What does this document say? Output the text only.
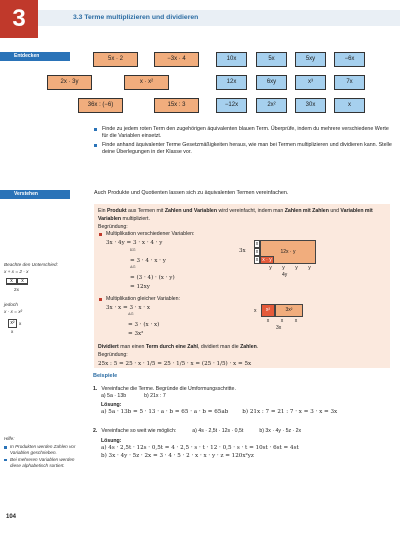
3	3.3 Terme multiplizieren und dividieren
Entdecken
5x · 2	−3x · 4
2x · 3y	x · x²
36x : (−6)	15x : 3
10x	5x	5xy	−6x
12x	6xy	x³	7x
−12x	2x²	30x	x
Finde zu jedem roten Term den zugehörigen äquivalenten blauen Term. Überprüfe, indem du mehrere verschiedene Werte für die Variablen einsetzt.
Finde anhand äquivalenter Terme Gesetzmäßigkeiten heraus, wie man bei Termen multiplizieren und dividieren kann. Stelle deine Überlegungen in der Klasse vor.
Verstehen	Auch Produkte und Quotienten lassen sich zu äquivalenten Termen vereinfachen.
Ein Produkt aus Termen mit Zahlen und Variablen wird vereinfacht, indem man Zahlen mit Zahlen und Variablen mit Variablen multipliziert.
Begründung:
Multiplikation verschiedener Variablen:
3x · 4y = 3 · x · 4 · y
$^{KG}$
= 3 · 4 · x · y
$^{AG}$
= (3 · 4) · (x · y)
= 12xy
3x
x
x
x
12x · y
x · y
y y y y
4y
Multiplikation gleicher Variablen:
3x · x = 3 · x · x
$^{AG}$
= 3 · (x · x)
= 3x²
x	x²	3x²
x x x
3x
Dividiert man einen Term durch eine Zahl, dividiert man die Zahlen.
Begründung:
25x : 5 = 25 · x · 1/5 = 25 · 1/5 · x = (25 · 1/5) · x = 5x
Beachte den Unterschied:
x + x = 2 · x
x	x
2x
jedoch
x · x = x²
x² x
x
Beispiele
1. Vereinfache die Terme. Begründe die Umformungsschritte.
a) 5a · 13b	b) 21x : 7
Lösung:
a) 5a · 13b = 5 · 13 · a · b = 65 · a · b = 65ab	b) 21x : 7 = 21 : 7 · x = 3 · x = 3x
2. Vereinfache so weit wie möglich:	a) 4s · 2,5t · 12s · 0,5t	b) 3x · 4y · 5z · 2x
Lösung:
a) 4s · 2,5t · 12s · 0,5t = 4 · 2,5 · s · t · 12 · 0,5 · s · t = 10st · 6st = 4st
b) 3x · 4y · 5z · 2x = 3 · 4 · 5 · 2 · x · x · y · z = 120x²yz
Hilfe:
In Produkten werden Zahlen vor Variablen geschrieben.
Bei mehreren Variablen werden diese alphabetisch sortiert.
104
